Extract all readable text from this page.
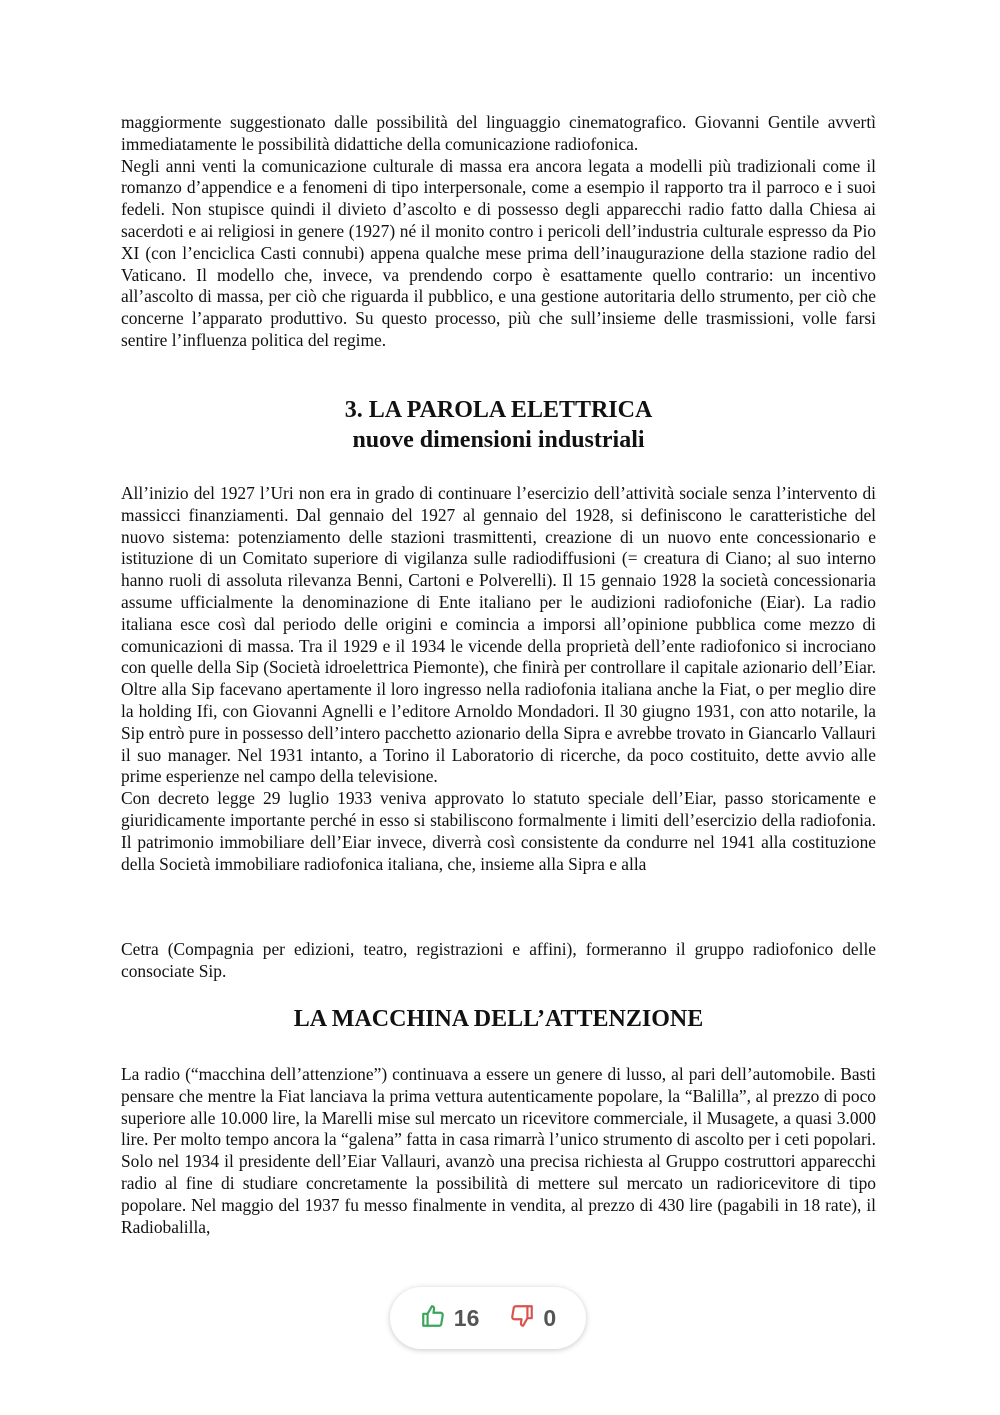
maggiormente suggestionato dalle possibilità del linguaggio cinematografico. Giovanni Gentile avvertì immediatamente le possibilità didattiche della comunicazione radiofonica.

Negli anni venti la comunicazione culturale di massa era ancora legata a modelli più tradizionali come il romanzo d’appendice e a fenomeni di tipo interpersonale, come a esempio il rapporto tra il parroco e i suoi fedeli. Non stupisce quindi il divieto d’ascolto e di possesso degli apparecchi radio fatto dalla Chiesa ai sacerdoti e ai religiosi in genere (1927) né il monito contro i pericoli dell’industria culturale espresso da Pio XI (con l’enciclica Casti connubi) appena qualche mese prima dell’inaugurazione della stazione radio del Vaticano. Il modello che, invece, va prendendo corpo è esattamente quello contrario: un incentivo all’ascolto di massa, per ciò che riguarda il pubblico, e una gestione autoritaria dello strumento, per ciò che concerne l’apparato produttivo. Su questo processo, più che sull’insieme delle trasmissioni, volle farsi sentire l’influenza politica del regime.

3. LA PAROLA ELETTRICA

nuove dimensioni industriali

All’inizio del 1927 l’Uri non era in grado di continuare l’esercizio dell’attività sociale senza l’intervento di massicci finanziamenti. Dal gennaio del 1927 al gennaio del 1928, si definiscono le caratteristiche del nuovo sistema: potenziamento delle stazioni trasmittenti, creazione di un nuovo ente concessionario e istituzione di un Comitato superiore di vigilanza sulle radiodiffusioni (= creatura di Ciano; al suo interno hanno ruoli di assoluta rilevanza Benni, Cartoni e Polverelli). Il 15 gennaio 1928 la società concessionaria assume ufficialmente la denominazione di Ente italiano per le audizioni radiofoniche (Eiar). La radio italiana esce così dal periodo delle origini e comincia a imporsi all’opinione pubblica come mezzo di comunicazioni di massa. Tra il 1929 e il 1934 le vicende della proprietà dell’ente radiofonico si incrociano con quelle della Sip (Società idroelettrica Piemonte), che finirà per controllare il capitale azionario dell’Eiar. Oltre alla Sip facevano apertamente il loro ingresso nella radiofonia italiana anche la Fiat, o per meglio dire la holding Ifi, con Giovanni Agnelli e l’editore Arnoldo Mondadori. Il 30 giugno 1931, con atto notarile, la Sip entrò pure in possesso dell’intero pacchetto azionario della Sipra e avrebbe trovato in Giancarlo Vallauri il suo manager. Nel 1931 intanto, a Torino il Laboratorio di ricerche, da poco costituito, dette avvio alle prime esperienze nel campo della televisione.

Con decreto legge 29 luglio 1933 veniva approvato lo statuto speciale dell’Eiar, passo storicamente e giuridicamente importante perché in esso si stabiliscono formalmente i limiti dell’esercizio della radiofonia. Il patrimonio immobiliare dell’Eiar invece, diverrà così consistente da condurre nel 1941 alla costituzione della Società immobiliare radiofonica italiana, che, insieme alla Sipra e alla

Cetra (Compagnia per edizioni, teatro, registrazioni e affini), formeranno il gruppo radiofonico delle consociate Sip.

LA MACCHINA DELL’ATTENZIONE

La radio (“macchina dell’attenzione”) continuava a essere un genere di lusso, al pari dell’automobile. Basti pensare che mentre la Fiat lanciava la prima vettura autenticamente popolare, la “Balilla”, al prezzo di poco superiore alle 10.000 lire, la Marelli mise sul mercato un ricevitore commerciale, il Musagete, a quasi 3.000 lire. Per molto tempo ancora la “galena” fatta in casa rimarrà l’unico strumento di ascolto per i ceti popolari. Solo nel 1934 il presidente dell’Eiar Vallauri, avanzò una precisa richiesta al Gruppo costruttori apparecchi radio al fine di studiare concretamente la possibilità di mettere sul mercato un radioricevitore di tipo popolare. Nel maggio del 1937 fu messo finalmente in vendita, al prezzo di 430 lire (pagabili in 18 rate), il Radiobalilla,

16	0
